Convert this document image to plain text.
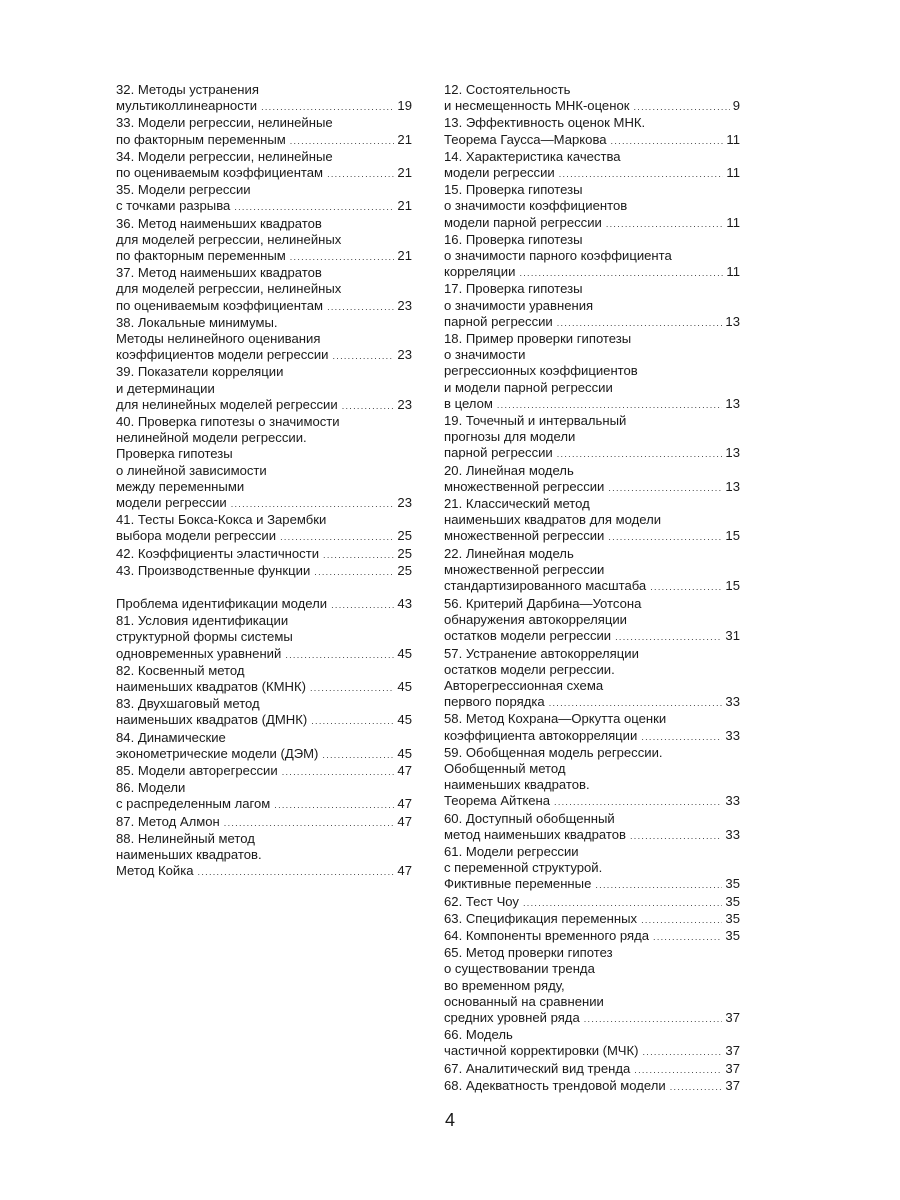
32. Методы устранения
мультиколлинеарности . . .	19
33. Модели регрессии, нелинейные
по факторным переменным . . .	21
34. Модели регрессии, нелинейные
по оцениваемым коэффициентам . . .	21
35. Модели регрессии
с точками разрыва . . .	21
36. Метод наименьших квадратов
для моделей регрессии, нелинейных
по факторным переменным . . .	21
37. Метод наименьших квадратов
для моделей регрессии, нелинейных
по оцениваемым коэффициентам . . .	23
38. Локальные минимумы.
Методы нелинейного оценивания
коэффициентов модели регрессии . . .	23
39. Показатели корреляции
и детерминации
для нелинейных моделей регрессии . . .	23
40. Проверка гипотезы о значимости
нелинейной модели регрессии.
Проверка гипотезы
о линейной зависимости
между переменными
модели регрессии . . .	23
41. Тесты Бокса-Кокса и Зарембки
выбора модели регрессии . . .	25
42. Коэффициенты эластичности . . .	25
43. Производственные функции . . .	25
12. Состоятельность
и несмещенность МНК-оценок . . .	9
13. Эффективность оценок МНК.
Теорема Гаусса—Маркова . . .	11
14. Характеристика качества
модели регрессии . . .	11
15. Проверка гипотезы
о значимости коэффициентов
модели парной регрессии . . .	11
16. Проверка гипотезы
о значимости парного коэффициента
корреляции . . .	11
17. Проверка гипотезы
о значимости уравнения
парной регрессии . . .	13
18. Пример проверки гипотезы
о значимости
регрессионных коэффициентов
и модели парной регрессии
в целом . . .	13
19. Точечный и интервальный
прогнозы для модели
парной регрессии . . .	13
20. Линейная модель
множественной регрессии . . .	13
21. Классический метод
наименьших квадратов для модели
множественной регрессии . . .	15
22. Линейная модель
множественной регрессии
стандартизированного масштаба . . .	15
Проблема идентификации модели . . .	43
81. Условия идентификации
структурной формы системы
одновременных уравнений . . .	45
82. Косвенный метод
наименьших квадратов (КМНК) . . .	45
83. Двухшаговый метод
наименьших квадратов (ДМНК) . . .	45
84. Динамические
эконометрические модели (ДЭМ) . . .	45
85. Модели авторегрессии . . .	47
86. Модели
с распределенным лагом . . .	47
87. Метод Алмон . . .	47
88. Нелинейный метод
наименьших квадратов.
Метод Койка . . .	47
56. Критерий Дарбина—Уотсона
обнаружения автокорреляции
остатков модели регрессии . . .	31
57. Устранение автокорреляции
остатков модели регрессии.
Авторегрессионная схема
первого порядка . . .	33
58. Метод Кохрана—Оркутта оценки
коэффициента автокорреляции . . .	33
59. Обобщенная модель регрессии.
Обобщенный метод
наименьших квадратов.
Теорема Айткена . . .	33
60. Доступный обобщенный
метод наименьших квадратов . . .	33
61. Модели регрессии
с переменной структурой.
Фиктивные переменные . . .	35
62. Тест Чоу . . .	35
63. Спецификация переменных . . .	35
64. Компоненты временного ряда . . .	35
65. Метод проверки гипотез
о существовании тренда
во временном ряду,
основанный на сравнении
средних уровней ряда . . .	37
66. Модель
частичной корректировки (МЧК) . . .	37
67. Аналитический вид тренда . . .	37
68. Адекватность трендовой модели . . .	37
4
